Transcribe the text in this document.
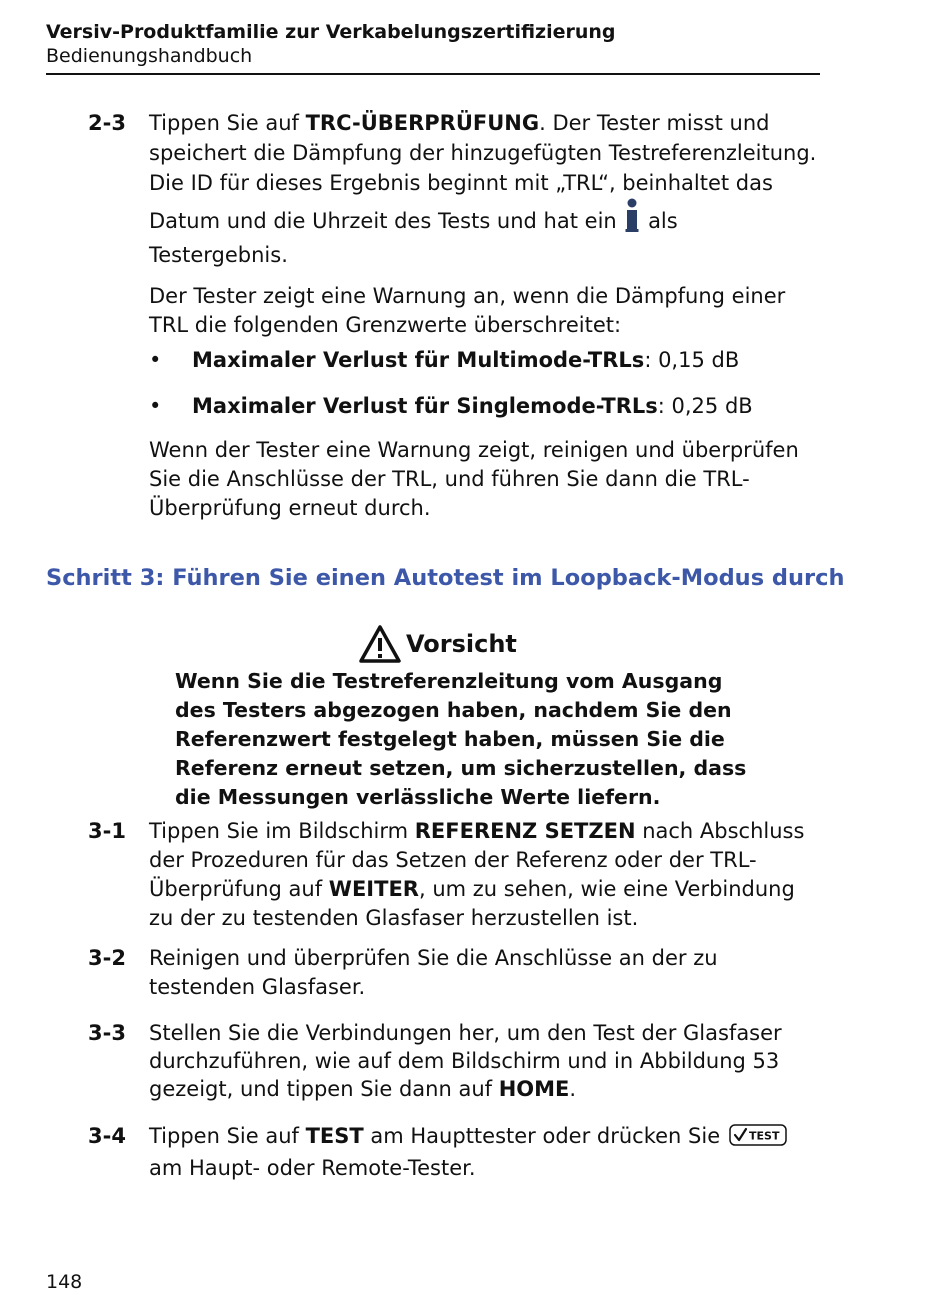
Versiv-Produktfamilie zur Verkabelungszertifizierung
Bedienungshandbuch
2-3 Tippen Sie auf TRC-ÜBERPRÜFUNG. Der Tester misst und speichert die Dämpfung der hinzugefügten Testreferenzleitung. Die ID für dieses Ergebnis beginnt mit „TRL“, beinhaltet das Datum und die Uhrzeit des Tests und hat ein  als Testergebnis.
Der Tester zeigt eine Warnung an, wenn die Dämpfung einer TRL die folgenden Grenzwerte überschreitet:
• Maximaler Verlust für Multimode-TRLs: 0,15 dB
• Maximaler Verlust für Singlemode-TRLs: 0,25 dB
Wenn der Tester eine Warnung zeigt, reinigen und überprüfen Sie die Anschlüsse der TRL, und führen Sie dann die TRL-Überprüfung erneut durch.
Schritt 3: Führen Sie einen Autotest im Loopback-Modus durch
Vorsicht
Wenn Sie die Testreferenzleitung vom Ausgang des Testers abgezogen haben, nachdem Sie den Referenzwert festgelegt haben, müssen Sie die Referenz erneut setzen, um sicherzustellen, dass die Messungen verlässliche Werte liefern.
3-1 Tippen Sie im Bildschirm REFERENZ SETZEN nach Abschluss der Prozeduren für das Setzen der Referenz oder der TRL-Überprüfung auf WEITER, um zu sehen, wie eine Verbindung zu der zu testenden Glasfaser herzustellen ist.
3-2 Reinigen und überprüfen Sie die Anschlüsse an der zu testenden Glasfaser.
3-3 Stellen Sie die Verbindungen her, um den Test der Glasfaser durchzuführen, wie auf dem Bildschirm und in Abbildung 53 gezeigt, und tippen Sie dann auf HOME.
3-4 Tippen Sie auf TEST am Haupttester oder drücken Sie TEST
am Haupt- oder Remote-Tester.
148
